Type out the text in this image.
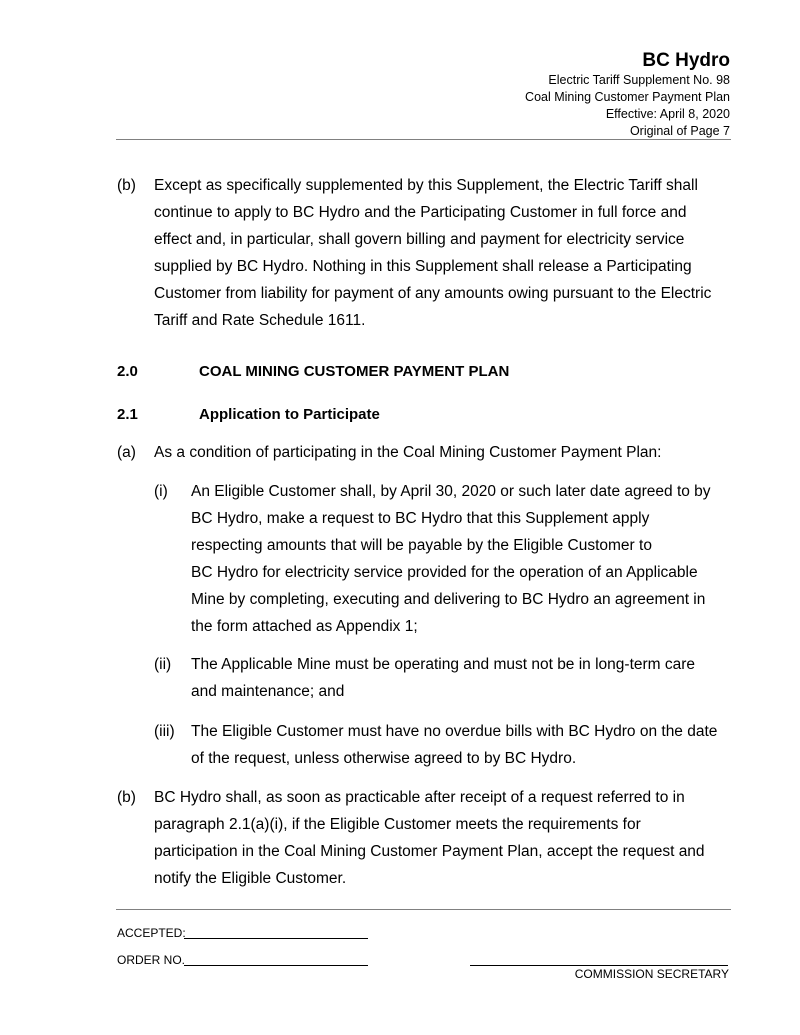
BC Hydro
Electric Tariff Supplement No. 98
Coal Mining Customer Payment Plan
Effective: April 8, 2020
Original of Page 7
(b) Except as specifically supplemented by this Supplement, the Electric Tariff shall
continue to apply to BC Hydro and the Participating Customer in full force and
effect and, in particular, shall govern billing and payment for electricity service
supplied by BC Hydro. Nothing in this Supplement shall release a Participating
Customer from liability for payment of any amounts owing pursuant to the Electric
Tariff and Rate Schedule 1611.
2.0	COAL MINING CUSTOMER PAYMENT PLAN
2.1	Application to Participate
(a) As a condition of participating in the Coal Mining Customer Payment Plan:
(i) An Eligible Customer shall, by April 30, 2020 or such later date agreed to by
BC Hydro, make a request to BC Hydro that this Supplement apply
respecting amounts that will be payable by the Eligible Customer to
BC Hydro for electricity service provided for the operation of an Applicable
Mine by completing, executing and delivering to BC Hydro an agreement in
the form attached as Appendix 1;
(ii) The Applicable Mine must be operating and must not be in long-term care
and maintenance; and
(iii) The Eligible Customer must have no overdue bills with BC Hydro on the date
of the request, unless otherwise agreed to by BC Hydro.
(b) BC Hydro shall, as soon as practicable after receipt of a request referred to in
paragraph 2.1(a)(i), if the Eligible Customer meets the requirements for
participation in the Coal Mining Customer Payment Plan, accept the request and
notify the Eligible Customer.
ACCEPTED:
ORDER NO.
COMMISSION SECRETARY
